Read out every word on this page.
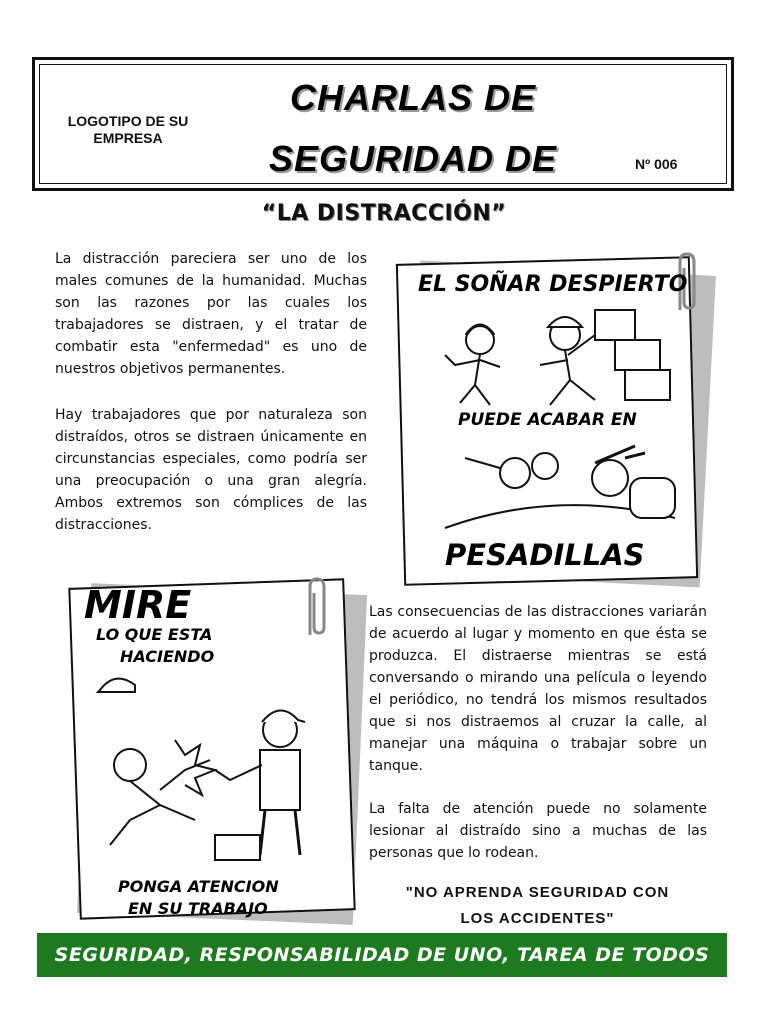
LOGOTIPO DE SU EMPRESA
CHARLAS DE
SEGURIDAD DE	Nº 006
“LA DISTRACCIÓN”
La distracción pareciera ser uno de los males comunes de la humanidad. Muchas son las razones por las cuales los trabajadores se distraen, y el tratar de combatir esta "enfermedad" es uno de nuestros objetivos permanentes.
Hay trabajadores que por naturaleza son distraídos, otros se distraen únicamente en circunstancias especiales, como podría ser una preocupación o una gran alegría. Ambos extremos son cómplices de las distracciones.
EL SOÑAR DESPIERTO
PUEDE ACABAR EN
PESADILLAS
MIRE
LO QUE ESTA
HACIENDO
PONGA ATENCION
EN SU TRABAJO
Las consecuencias de las distracciones variarán de acuerdo al lugar y momento en que ésta se produzca. El distraerse mientras se está conversando o mirando una película o leyendo el periódico, no tendrá los mismos resultados que si nos distraemos al cruzar la calle, al manejar una máquina o trabajar sobre un tanque.
La falta de atención puede no solamente lesionar al distraído sino a muchas de las personas que lo rodean.
"NO APRENDA SEGURIDAD CON
LOS ACCIDENTES"
SEGURIDAD, RESPONSABILIDAD DE UNO, TAREA DE TODOS
